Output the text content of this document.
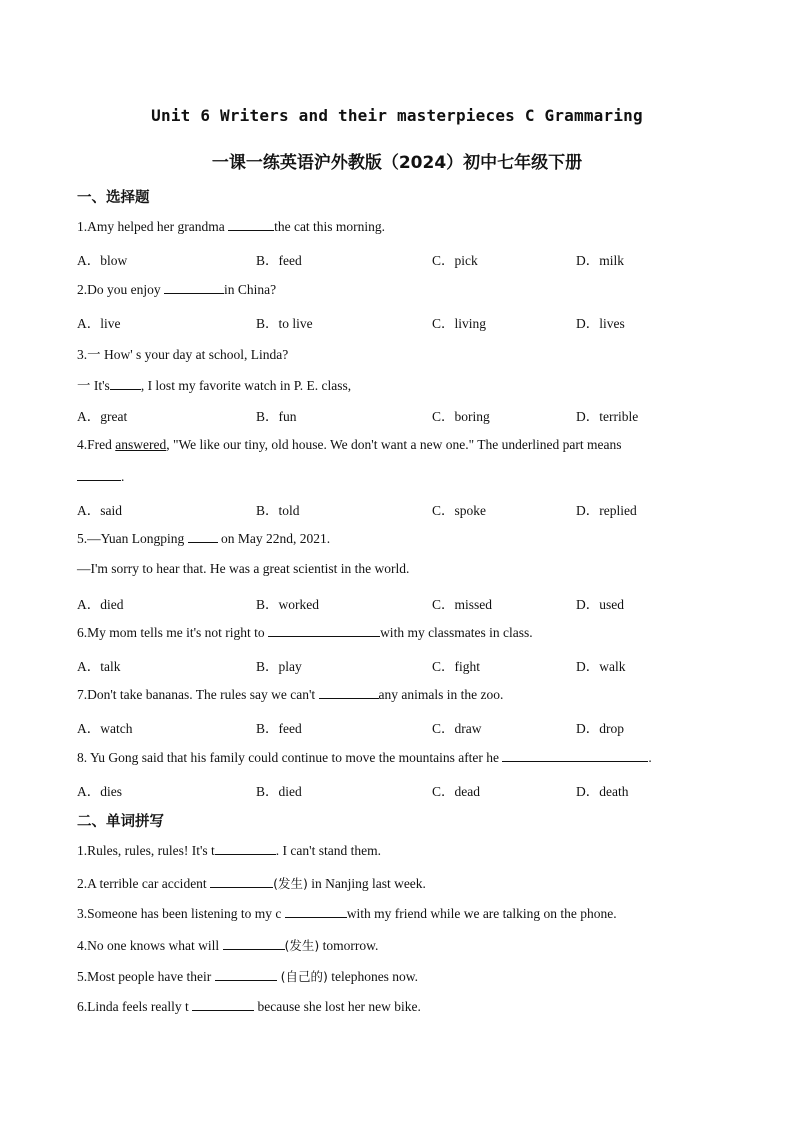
Unit 6 Writers and their masterpieces C Grammaring
一课一练英语沪外教版（2024）初中七年级下册
一、选择题
1.Amy helped her grandma	the cat this morning.
A．blow	B．feed	C．pick	D．milk
2.Do you enjoy	in China?
A．live	B．to live	C．living	D．lives
3.一 How' s your day at school, Linda?
一 It's , I lost my favorite watch in P. E. class,
A．great	B．fun	C．boring	D．terrible
4.Fred answered, "We like our tiny, old house. We don't want a new one." The underlined part means
.
A．said	B．told	C．spoke	D．replied
5.—Yuan Longping  on May 22nd, 2021.
—I'm sorry to hear that. He was a great scientist in the world.
A．died	B．worked	C．missed	D．used
6.My mom tells me it's not right to	with my classmates in class.
A．talk	B．play	C．fight	D．walk
7.Don't take bananas. The rules say we can't	any animals in the zoo.
A．watch	B．feed	C．draw	D．drop
8. Yu Gong said that his family could continue to move the mountains after he	.
A．dies	B．died	C．dead	D．death
二、单词拼写
1.Rules, rules, rules! It's t	. I can't stand them.
2.A terrible car accident	(发生) in Nanjing last week.
3.Someone has been listening to my c	with my friend while we are talking on the phone.
4.No one knows what will	(发生) tomorrow.
5.Most people have their	(自己的) telephones now.
6.Linda feels really t	because she lost her new bike.
